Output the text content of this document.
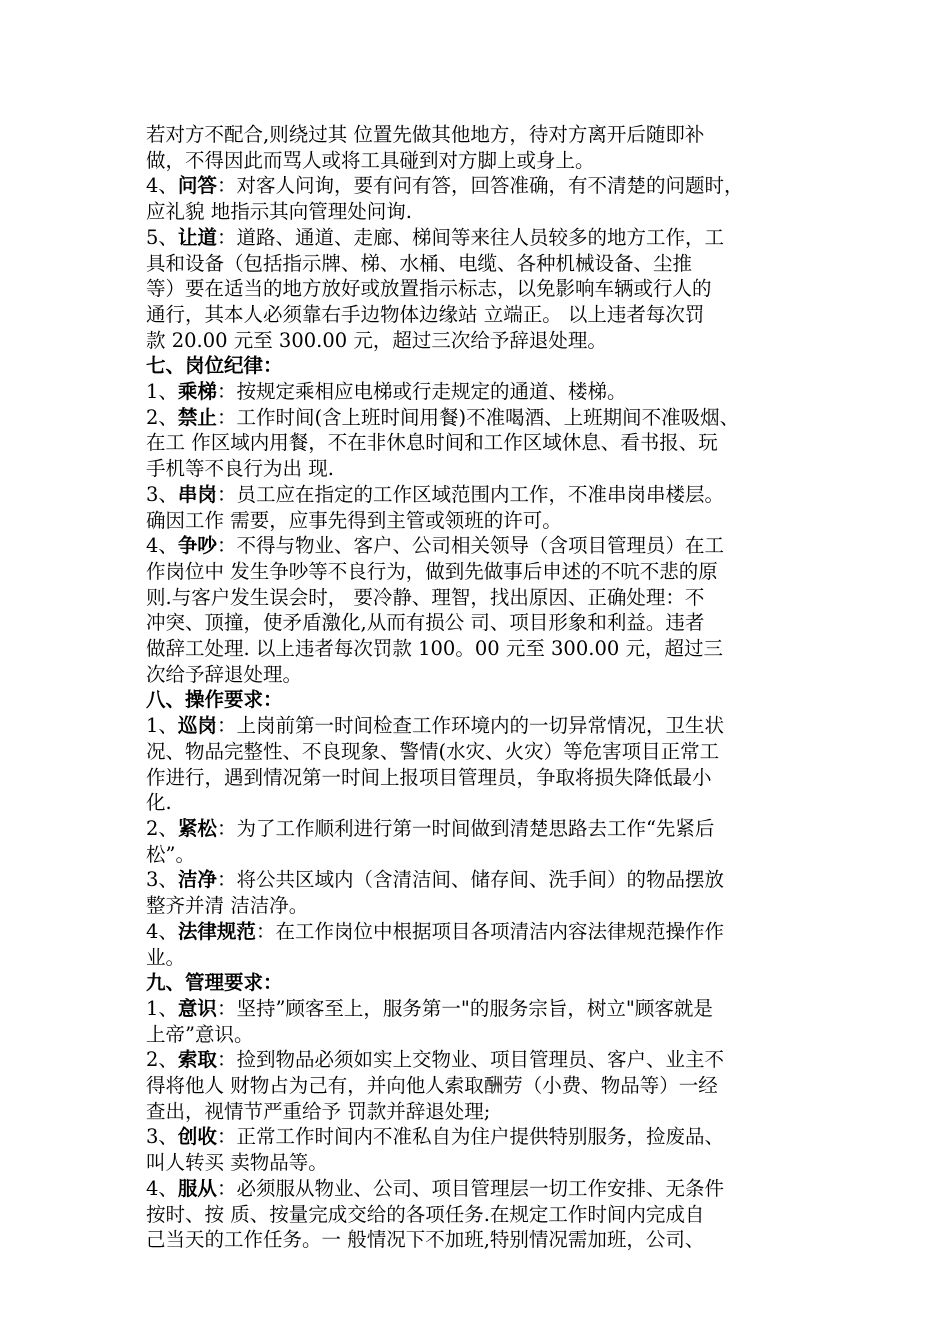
若对方不配合,则绕过其 位置先做其他地方，待对方离开后随即补
做，不得因此而骂人或将工具碰到对方脚上或身上。

4、问答：对客人问询，要有问有答，回答准确，有不清楚的问题时，
应礼貌 地指示其向管理处问询.

5、让道：道路、通道、走廊、梯间等来往人员较多的地方工作，工
具和设备（包括指示牌、梯、水桶、电缆、各种机械设备、尘推
等）要在适当的地方放好或放置指示标志，以免影响车辆或行人的
通行，其本人必须靠右手边物体边缘站 立端正。 以上违者每次罚
款 20.00 元至 300.00 元，超过三次给予辞退处理。

七、岗位纪律：

1、乘梯：按规定乘相应电梯或行走规定的通道、楼梯。

2、禁止：工作时间(含上班时间用餐)不准喝酒、上班期间不准吸烟、
在工 作区域内用餐，不在非休息时间和工作区域休息、看书报、玩
手机等不良行为出 现.

3、串岗：员工应在指定的工作区域范围内工作，不准串岗串楼层。
确因工作 需要，应事先得到主管或领班的许可。

4、争吵：不得与物业、客户、公司相关领导（含项目管理员）在工
作岗位中 发生争吵等不良行为，做到先做事后申述的不吭不悲的原
则.与客户发生误会时， 要冷静、理智，找出原因、正确处理：不
冲突、顶撞，使矛盾激化,从而有损公 司、项目形象和利益。违者
做辞工处理. 以上违者每次罚款 100。00 元至 300.00 元，超过三
次给予辞退处理。

八、操作要求：

1、巡岗：上岗前第一时间检查工作环境内的一切异常情况，卫生状
况、物品完整性、不良现象、警情(水灾、火灾）等危害项目正常工
作进行，遇到情况第一时间上报项目管理员，争取将损失降低最小
化.

2、紧松：为了工作顺利进行第一时间做到清楚思路去工作“先紧后
松”。

3、洁净：将公共区域内（含清洁间、储存间、洗手间）的物品摆放
整齐并清 洁洁净。

4、法律规范：在工作岗位中根据项目各项清洁内容法律规范操作作
业。

九、管理要求：

1、意识：坚持”顾客至上，服务第一"的服务宗旨，树立"顾客就是
上帝”意识。

2、索取：捡到物品必须如实上交物业、项目管理员、客户、业主不
得将他人 财物占为己有，并向他人索取酬劳（小费、物品等）一经
查出，视情节严重给予 罚款并辞退处理;

3、创收：正常工作时间内不准私自为住户提供特别服务，捡废品、
叫人转买 卖物品等。

4、服从：必须服从物业、公司、项目管理层一切工作安排、无条件
按时、按 质、按量完成交给的各项任务.在规定工作时间内完成自
己当天的工作任务。一 般情况下不加班,特别情况需加班，公司、
